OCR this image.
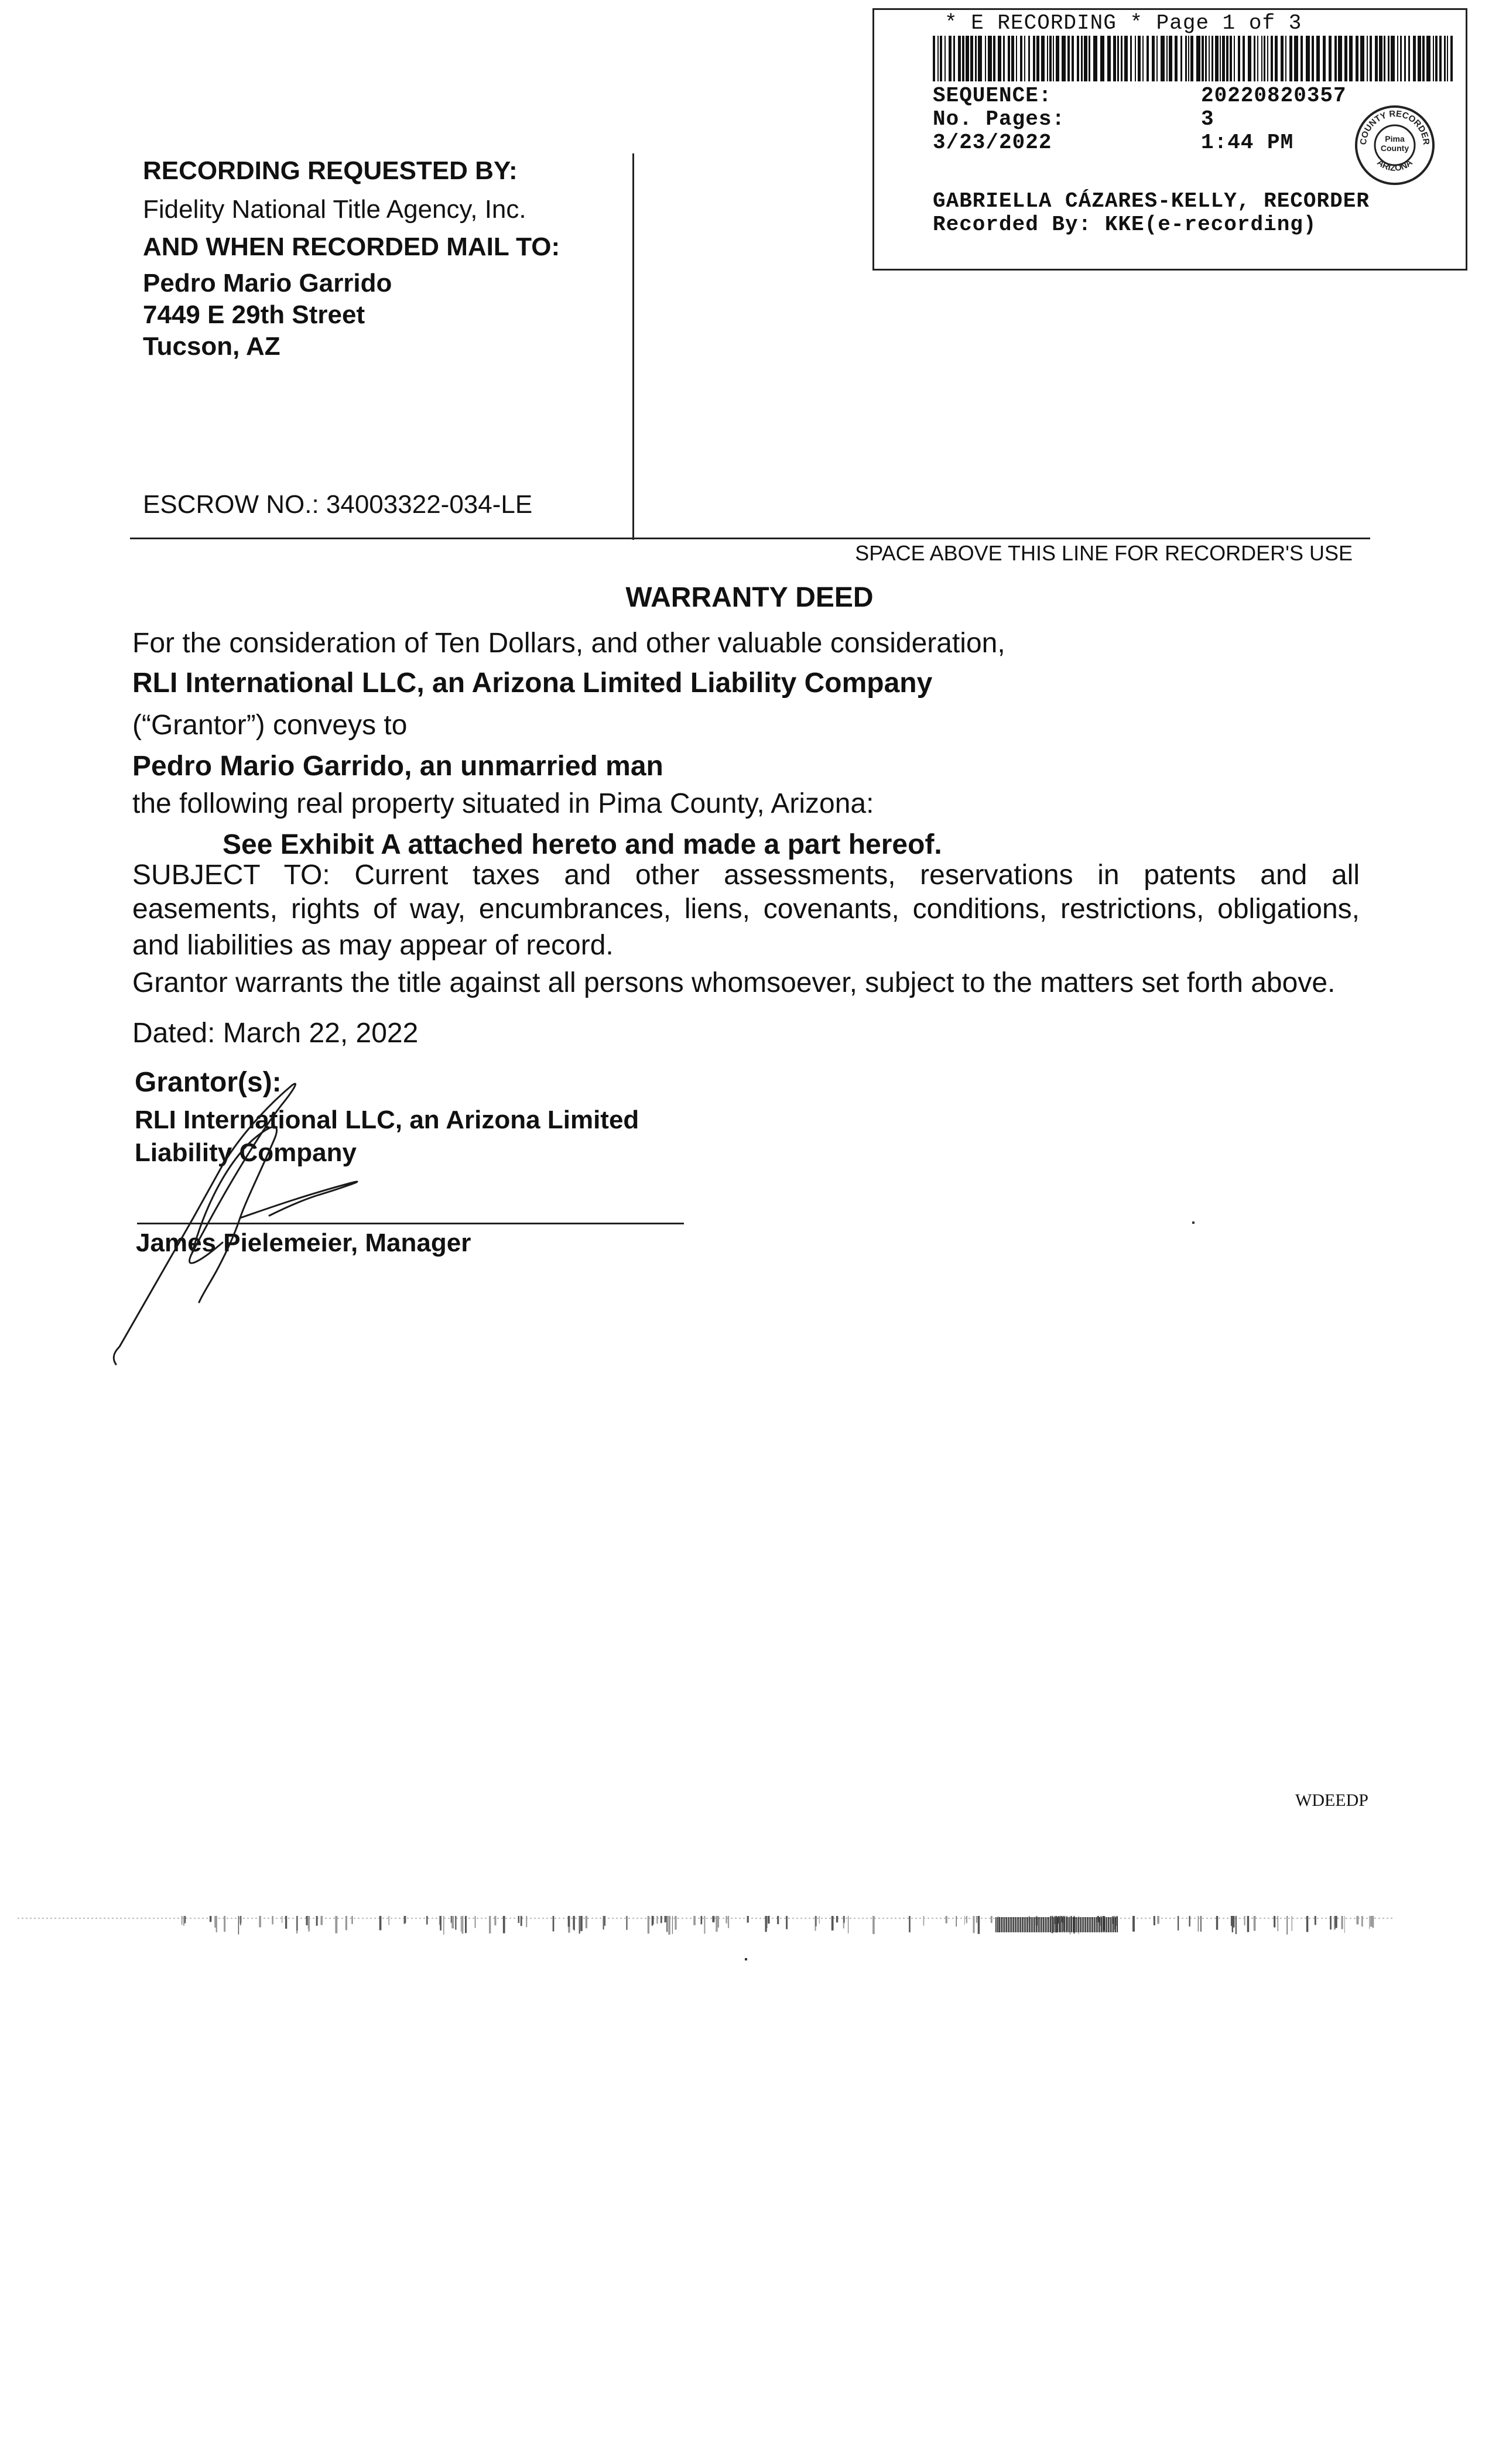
* E RECORDING * Page 1 of 3
SEQUENCE:	20220820357
No. Pages:	3
3/23/2022	1:44 PM	COUNTY RECORDER
ARIZONA
Pima County
GABRIELLA CÁZARES-KELLY, RECORDER
Recorded By: KKE(e-recording)
RECORDING REQUESTED BY:
Fidelity National Title Agency, Inc.
AND WHEN RECORDED MAIL TO:
Pedro Mario Garrido
7449 E 29th Street
Tucson, AZ
ESCROW NO.: 34003322-034-LE
SPACE ABOVE THIS LINE FOR RECORDER'S USE
WARRANTY DEED
For the consideration of Ten Dollars, and other valuable consideration,
RLI International LLC, an Arizona Limited Liability Company
(“Grantor”) conveys to
Pedro Mario Garrido, an unmarried man
the following real property situated in Pima County, Arizona:
See Exhibit A attached hereto and made a part hereof.
SUBJECT TO: Current taxes and other assessments, reservations in patents and all
easements, rights of way, encumbrances, liens, covenants, conditions, restrictions, obligations,
and liabilities as may appear of record.
Grantor warrants the title against all persons whomsoever, subject to the matters set forth above.
Dated: March 22, 2022
Grantor(s):
RLI International LLC, an Arizona Limited
Liability Company
James Pielemeier, Manager
WDEEDP
